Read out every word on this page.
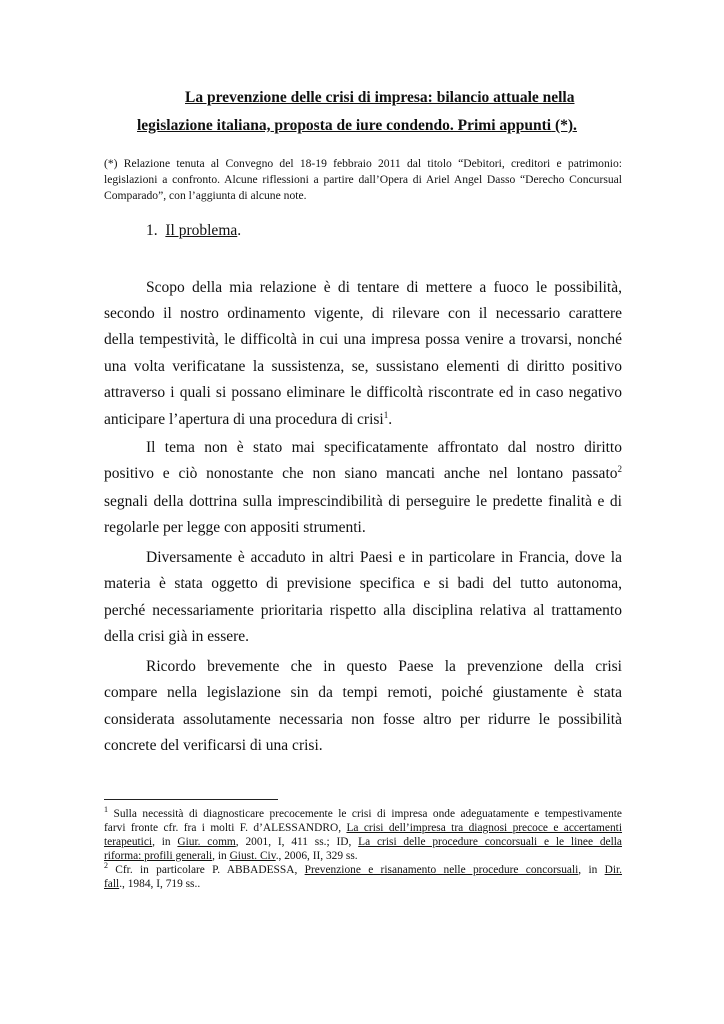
La prevenzione delle crisi di impresa: bilancio attuale nella
legislazione italiana, proposta de iure condendo. Primi appunti (*).
(*) Relazione tenuta al Convegno del 18-19 febbraio 2011 dal titolo “Debitori, creditori e patrimonio: legislazioni a confronto. Alcune riflessioni a partire dall’Opera di Ariel Angel Dasso “Derecho Concursual Comparado”, con l’aggiunta di alcune note.
1. Il problema.
Scopo della mia relazione è di tentare di mettere a fuoco le possibilità,
secondo il nostro ordinamento vigente, di rilevare con il necessario carattere
della tempestività, le difficoltà in cui una impresa possa venire a trovarsi, nonché
una volta verificatane la sussistenza, se, sussistano elementi di diritto positivo
attraverso i quali si possano eliminare le difficoltà riscontrate ed in caso negativo
anticipare l’apertura di una procedura di crisi$^1$.
Il tema non è stato mai specificatamente affrontato dal nostro diritto
positivo e ciò nonostante che non siano mancati anche nel lontano passato$^2$
segnali della dottrina sulla imprescindibilità di perseguire le predette finalità e di
regolarle per legge con appositi strumenti.
Diversamente è accaduto in altri Paesi e in particolare in Francia, dove la
materia è stata oggetto di previsione specifica e si badi del tutto autonoma,
perché necessariamente prioritaria rispetto alla disciplina relativa al trattamento
della crisi già in essere.
Ricordo brevemente che in questo Paese la prevenzione della crisi
compare nella legislazione sin da tempi remoti, poiché giustamente è stata
considerata assolutamente necessaria non fosse altro per ridurre le possibilità
concrete del verificarsi di una crisi.
$^1$ Sulla necessità di diagnosticare precocemente le crisi di impresa onde adeguatamente e tempestivamente
farvi fronte cfr. fra i molti F. d’ALESSANDRO, La crisi dell’impresa tra diagnosi precoce e accertamenti
terapeutici, in Giur. comm, 2001, I, 411 ss.; ID, La crisi delle procedure concorsuali e le linee della
riforma: profili generali, in Giust. Civ., 2006, II, 329 ss.
$^2$ Cfr. in particolare P. ABBADESSA, Prevenzione e risanamento nelle procedure concorsuali, in Dir.
fall., 1984, I, 719 ss..
